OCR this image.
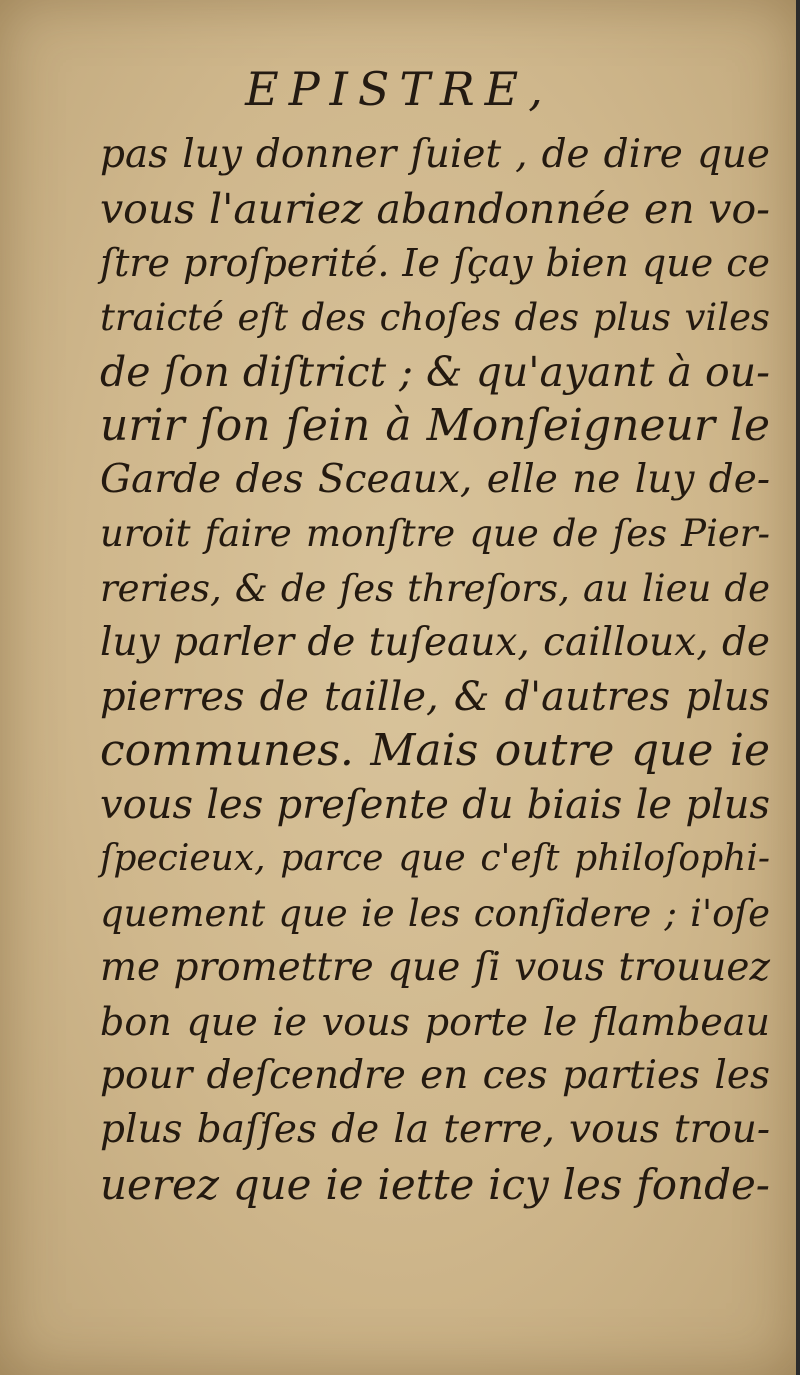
EPISTRE,
pas luy donner ſuiet , de dire que
vous l'auriez abandonnée en vo-
ſtre proſperité. Ie ſçay bien que ce
traicté eſt des choſes des plus viles
de ſon diſtrict ; & qu'ayant à ou-
urir ſon ſein à Monſeigneur le
Garde des Sceaux, elle ne luy de-
uroit faire monſtre que de ſes Pier-
reries, & de ſes threſors, au lieu de
luy parler de tuſeaux, cailloux, de
pierres de taille, & d'autres plus
communes. Mais outre que ie
vous les preſente du biais le plus
ſpecieux, parce que c'eſt philoſophi-
quement que ie les conſidere ; i'oſe
me promettre que ſi vous trouuez
bon que ie vous porte le flambeau
pour deſcendre en ces parties les
plus baſſes de la terre, vous trou-
uerez que ie iette icy les fonde-
